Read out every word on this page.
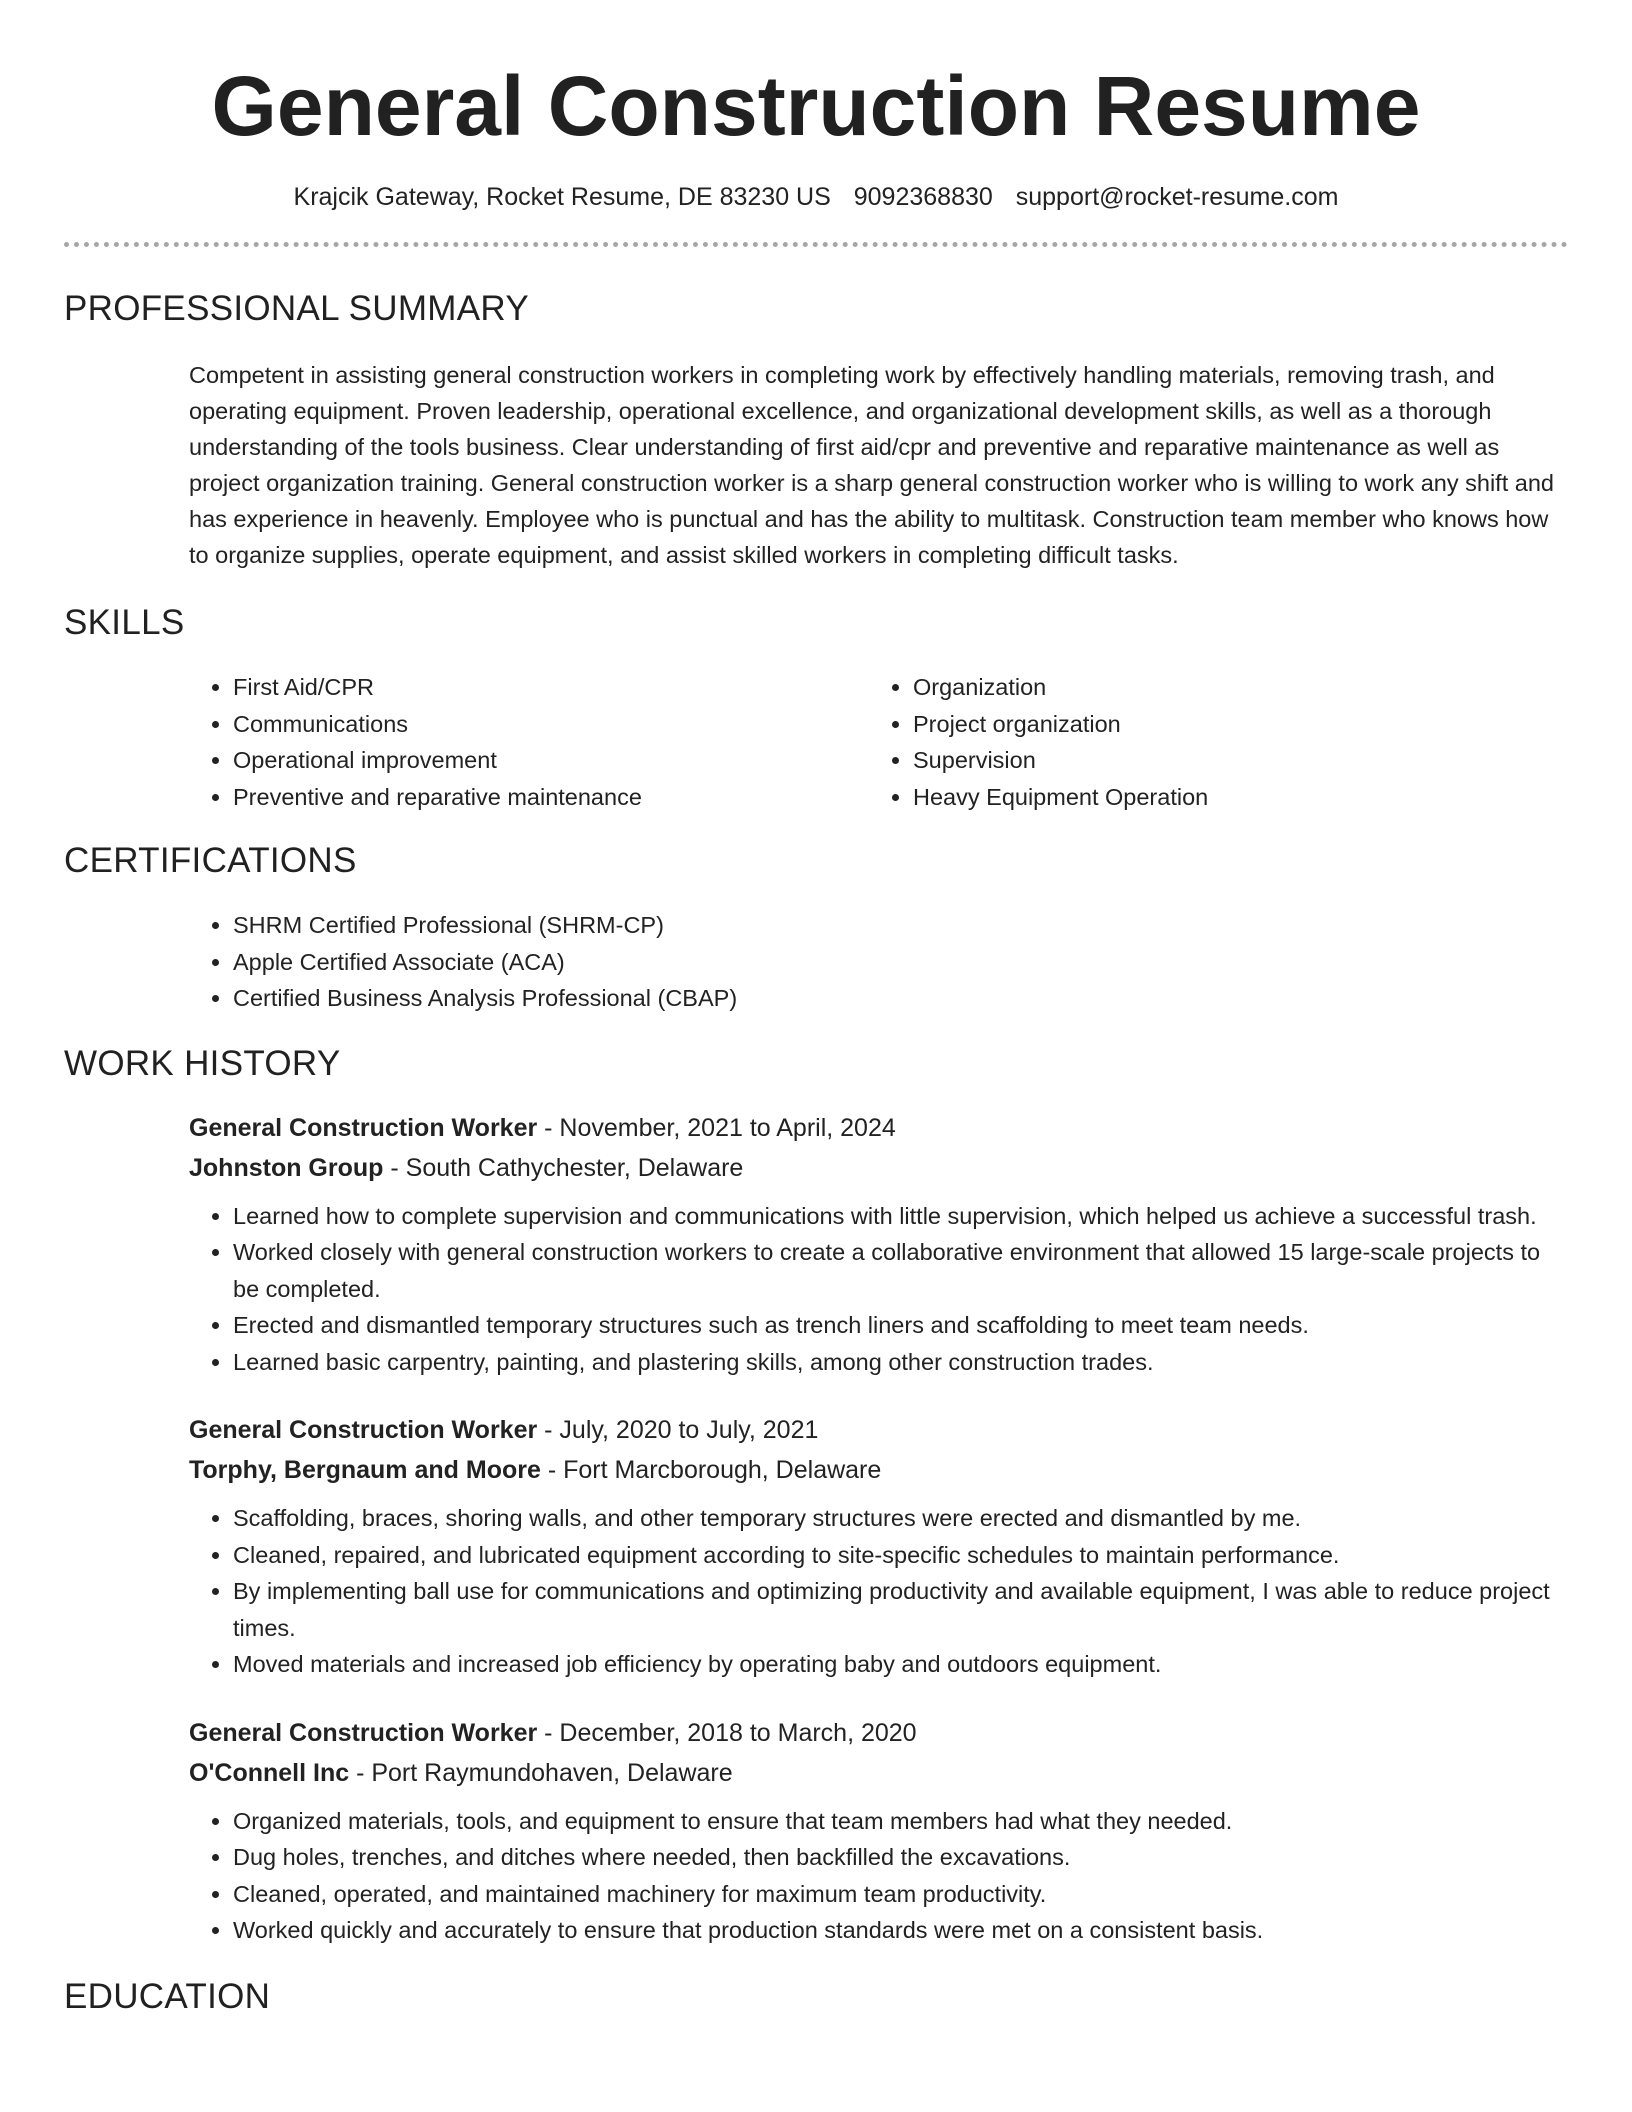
General Construction Resume
Krajcik Gateway, Rocket Resume, DE 83230 US 9092368830 support@rocket-resume.com
PROFESSIONAL SUMMARY

Competent in assisting general construction workers in completing work by effectively handling materials, removing trash, and operating equipment. Proven leadership, operational excellence, and organizational development skills, as well as a thorough understanding of the tools business. Clear understanding of first aid/cpr and preventive and reparative maintenance as well as project organization training. General construction worker is a sharp general construction worker who is willing to work any shift and has experience in heavenly. Employee who is punctual and has the ability to multitask. Construction team member who knows how to organize supplies, operate equipment, and assist skilled workers in completing difficult tasks.

SKILLS
• First Aid/CPR
• Communications
• Operational improvement
• Preventive and reparative maintenance
• Organization
• Project organization
• Supervision
• Heavy Equipment Operation
CERTIFICATIONS
• SHRM Certified Professional (SHRM-CP)
• Apple Certified Associate (ACA)
• Certified Business Analysis Professional (CBAP)
WORK HISTORY
General Construction Worker - November, 2021 to April, 2024
Johnston Group - South Cathychester, Delaware
• Learned how to complete supervision and communications with little supervision, which helped us achieve a successful trash.
• Worked closely with general construction workers to create a collaborative environment that allowed 15 large-scale projects to be completed.
• Erected and dismantled temporary structures such as trench liners and scaffolding to meet team needs.
• Learned basic carpentry, painting, and plastering skills, among other construction trades.
General Construction Worker - July, 2020 to July, 2021
Torphy, Bergnaum and Moore - Fort Marcborough, Delaware
• Scaffolding, braces, shoring walls, and other temporary structures were erected and dismantled by me.
• Cleaned, repaired, and lubricated equipment according to site-specific schedules to maintain performance.
• By implementing ball use for communications and optimizing productivity and available equipment, I was able to reduce project times.
• Moved materials and increased job efficiency by operating baby and outdoors equipment.
General Construction Worker - December, 2018 to March, 2020
O'Connell Inc - Port Raymundohaven, Delaware
• Organized materials, tools, and equipment to ensure that team members had what they needed.
• Dug holes, trenches, and ditches where needed, then backfilled the excavations.
• Cleaned, operated, and maintained machinery for maximum team productivity.
• Worked quickly and accurately to ensure that production standards were met on a consistent basis.
EDUCATION
